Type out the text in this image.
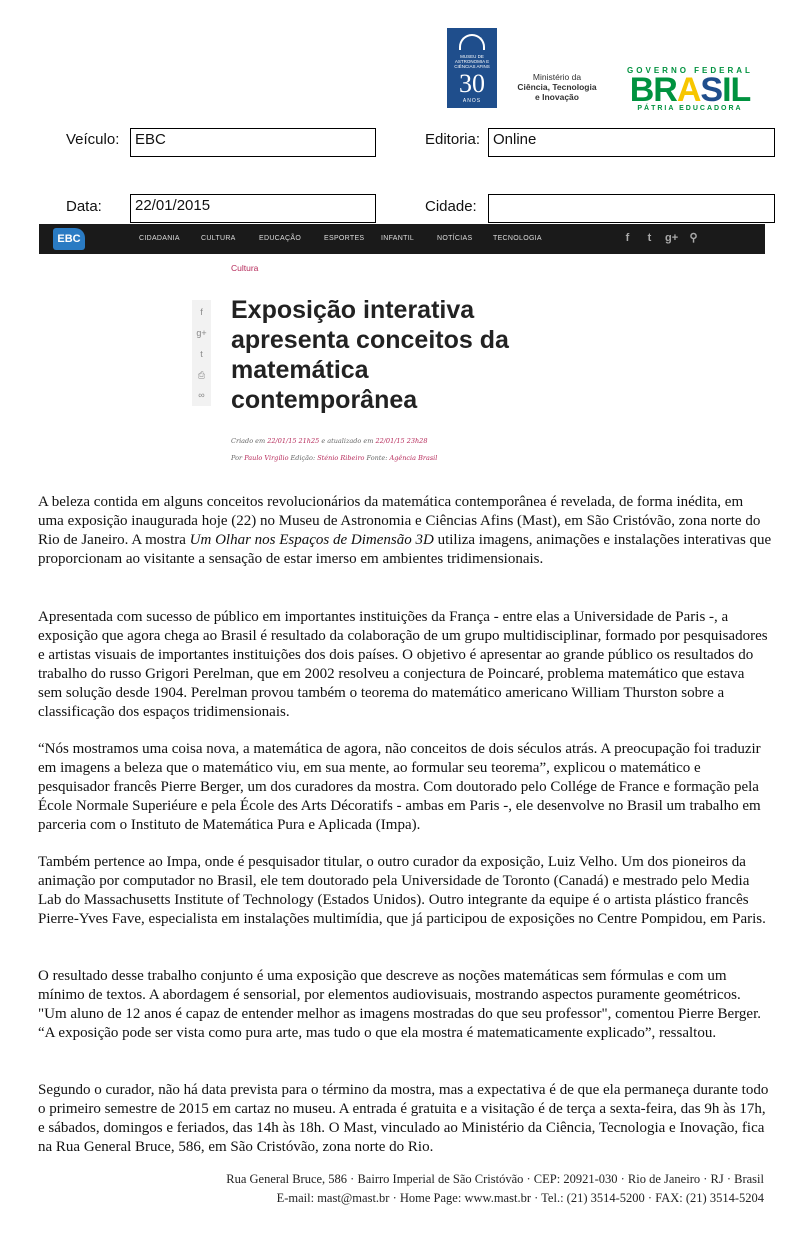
MUSEU DE ASTRONOMIA E CIÊNCIAS AFINS
30
ANOS
Ministério da
Ciência, Tecnologia
e Inovação
GOVERNO FEDERAL
BRASIL
PÁTRIA EDUCADORA
Veículo:	EBC	Editoria: Online
Data:	22/01/2015	Cidade:
EBC	CIDADANIA	CULTURA	EDUCAÇÃO	ESPORTES INFANTIL	NOTÍCIAS	TECNOLOGIA	f	t	g+ ⚲
Cultura
f
g+
t
⎙
∞
Exposição interativa apresenta conceitos da matemática contemporânea
Criado em 22/01/15 21h25 e atualizado em 22/01/15 23h28
Por Paulo Virgílio Edição: Sténio Ribeiro Fonte: Agência Brasil

A beleza contida em alguns conceitos revolucionários da matemática contemporânea é revelada, de forma inédita, em uma exposição inaugurada hoje (22) no Museu de Astronomia e Ciências Afins (Mast), em São Cristóvão, zona norte do Rio de Janeiro. A mostra Um Olhar nos Espaços de Dimensão 3D utiliza imagens, animações e instalações interativas que proporcionam ao visitante a sensação de estar imerso em ambientes tridimensionais.

Apresentada com sucesso de público em importantes instituições da França - entre elas a Universidade de Paris -, a exposição que agora chega ao Brasil é resultado da colaboração de um grupo multidisciplinar, formado por pesquisadores e artistas visuais de importantes instituições dos dois países. O objetivo é apresentar ao grande público os resultados do trabalho do russo Grigori Perelman, que em 2002 resolveu a conjectura de Poincaré, problema matemático que estava sem solução desde 1904. Perelman provou também o teorema do matemático americano William Thurston sobre a classificação dos espaços tridimensionais.

“Nós mostramos uma coisa nova, a matemática de agora, não conceitos de dois séculos atrás. A preocupação foi traduzir em imagens a beleza que o matemático viu, em sua mente, ao formular seu teorema”, explicou o matemático e pesquisador francês Pierre Berger, um dos curadores da mostra. Com doutorado pelo Collége de France e formação pela École Normale Superiéure e pela École des Arts Décoratifs - ambas em Paris -, ele desenvolve no Brasil um trabalho em parceria com o Instituto de Matemática Pura e Aplicada (Impa).

Também pertence ao Impa, onde é pesquisador titular, o outro curador da exposição, Luiz Velho. Um dos pioneiros da animação por computador no Brasil, ele tem doutorado pela Universidade de Toronto (Canadá) e mestrado pelo Media Lab do Massachusetts Institute of Technology (Estados Unidos). Outro integrante da equipe é o artista plástico francês Pierre-Yves Fave, especialista em instalações multimídia, que já participou de exposições no Centre Pompidou, em Paris.

O resultado desse trabalho conjunto é uma exposição que descreve as noções matemáticas sem fórmulas e com um mínimo de textos. A abordagem é sensorial, por elementos audiovisuais, mostrando aspectos puramente geométricos. "Um aluno de 12 anos é capaz de entender melhor as imagens mostradas do que seu professor", comentou Pierre Berger. “A exposição pode ser vista como pura arte, mas tudo o que ela mostra é matematicamente explicado”, ressaltou.

Segundo o curador, não há data prevista para o término da mostra, mas a expectativa é de que ela permaneça durante todo o primeiro semestre de 2015 em cartaz no museu. A entrada é gratuita e a visitação é de terça a sexta-feira, das 9h às 17h, e sábados, domingos e feriados, das 14h às 18h. O Mast, vinculado ao Ministério da Ciência, Tecnologia e Inovação, fica na Rua General Bruce, 586, em São Cristóvão, zona norte do Rio.

Rua General Bruce, 586 · Bairro Imperial de São Cristóvão · CEP: 20921-030 · Rio de Janeiro · RJ · Brasil
E-mail: mast@mast.br · Home Page: www.mast.br · Tel.: (21) 3514-5200 · FAX: (21) 3514-5204
